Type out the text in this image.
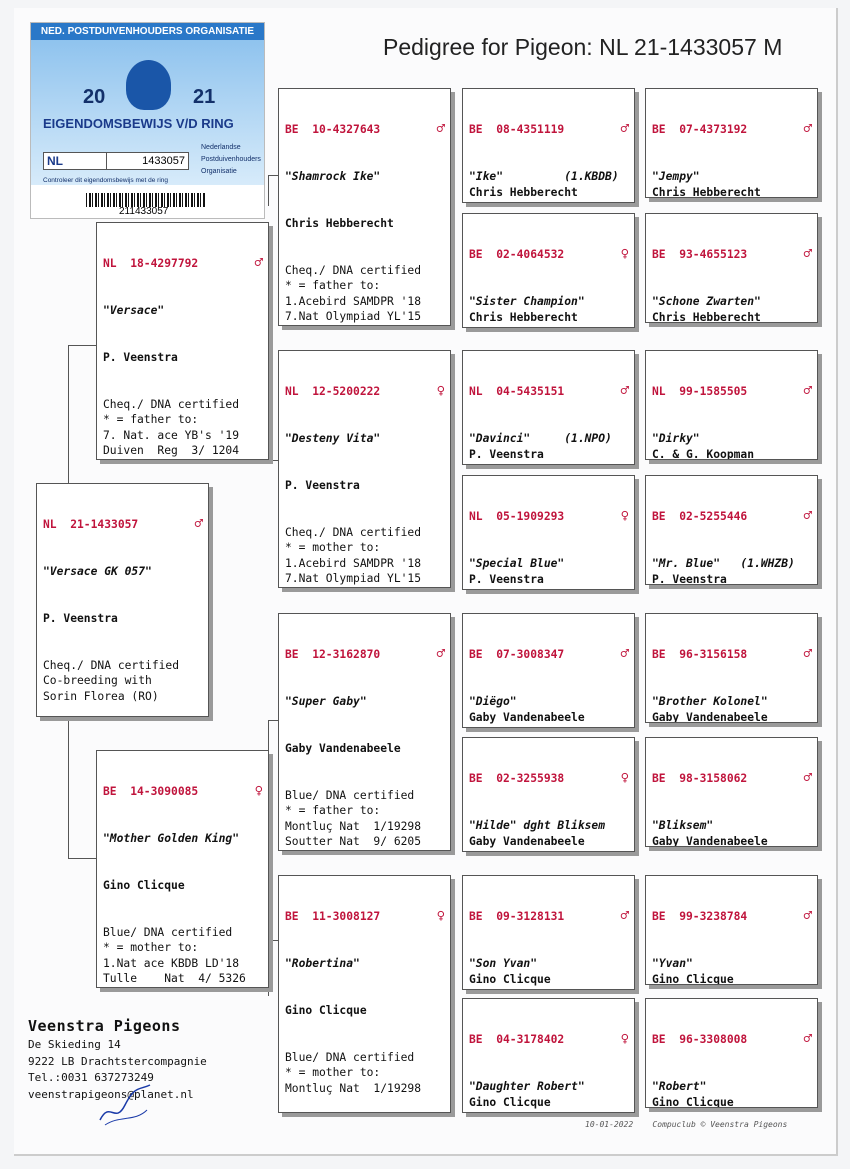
Pedigree for Pigeon: NL 21-1433057 M
NED. POSTDUIVENHOUDERS ORGANISATIE
20	21
EIGENDOMSBEWIJS V/D RING
NL	1433057
Nederlandse
Postduivenhouders
Organisatie
Controleer dit eigendomsbewijs met de ring
211433057

NL  21-1433057	♂

"Versace GK 057"

P. Veenstra

Cheq./ DNA certified
Co-breeding with
Sorin Florea (RO)

NL  18-4297792	♂

"Versace"

P. Veenstra

Cheq./ DNA certified
* = father to:
7. Nat. ace YB's '19
Duiven  Reg  3/ 1204

BE  14-3090085	♀

"Mother Golden King"

Gino Clicque

Blue/ DNA certified
* = mother to:
1.Nat ace KBDB LD'18
Tulle    Nat  4/ 5326

BE  10-4327643	♂

"Shamrock Ike"

Chris Hebberecht

Cheq./ DNA certified
* = father to:
1.Acebird SAMDPR '18
7.Nat Olympiad YL'15

NL  12-5200222	♀

"Desteny Vita"

P. Veenstra

Cheq./ DNA certified
* = mother to:
1.Acebird SAMDPR '18
7.Nat Olympiad YL'15

BE  12-3162870	♂

"Super Gaby"

Gaby Vandenabeele

Blue/ DNA certified
* = father to:
Montluç Nat  1/19298
Soutter Nat  9/ 6205

BE  11-3008127	♀

"Robertina"

Gino Clicque

Blue/ DNA certified
* = mother to:
Montluç Nat  1/19298

BE  08-4351119	♂

"Ike"         (1.KBDB)
Chris Hebberecht

BE  02-4064532	♀

"Sister Champion"
Chris Hebberecht

NL  04-5435151	♂

"Davinci"     (1.NPO)
P. Veenstra

NL  05-1909293	♀

"Special Blue"
P. Veenstra

BE  07-3008347	♂

"Diëgo"
Gaby Vandenabeele

BE  02-3255938	♀

"Hilde" dght Bliksem
Gaby Vandenabeele

BE  09-3128131	♂

"Son Yvan"
Gino Clicque

BE  04-3178402	♀

"Daughter Robert"
Gino Clicque

BE  07-4373192	♂

"Jempy"
Chris Hebberecht

BE  93-4655123	♂

"Schone Zwarten"
Chris Hebberecht

NL  99-1585505	♂

"Dirky"
C. & G. Koopman

BE  02-5255446	♂

"Mr. Blue"   (1.WHZB)
P. Veenstra

BE  96-3156158	♂

"Brother Kolonel"
Gaby Vandenabeele

BE  98-3158062	♂

"Bliksem"
Gaby Vandenabeele

BE  99-3238784	♂

"Yvan"
Gino Clicque

BE  96-3308008	♂

"Robert"
Gino Clicque

Veenstra Pigeons
De Skieding 14
9222 LB Drachtstercompagnie
Tel.:0031 637273249
veenstrapigeons@planet.nl
10-01-2022    Compuclub © Veenstra Pigeons
